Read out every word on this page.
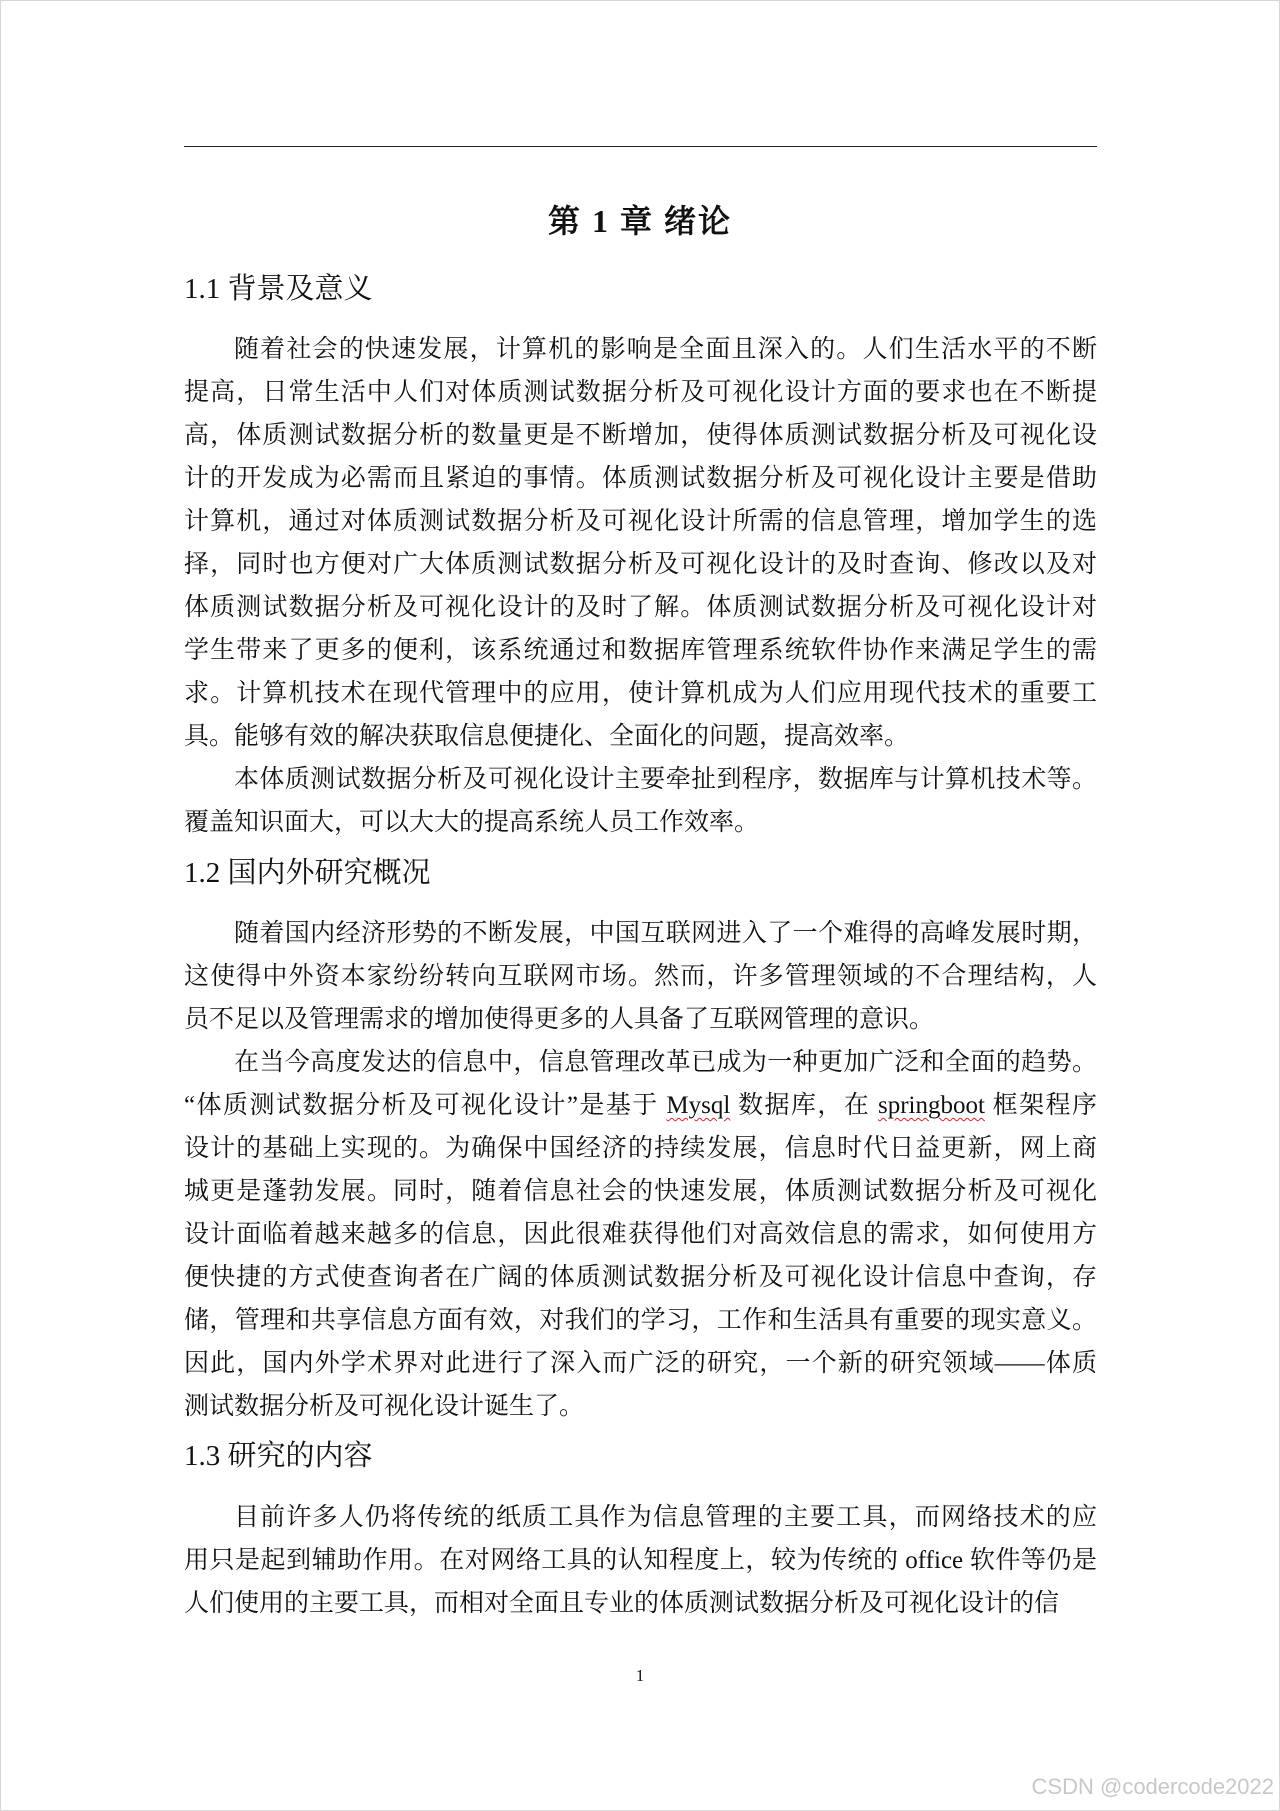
第 1 章 绪论
1.1 背景及意义
随着社会的快速发展，计算机的影响是全面且深入的。人们生活水平的不断
提高，日常生活中人们对体质测试数据分析及可视化设计方面的要求也在不断提
高，体质测试数据分析的数量更是不断增加，使得体质测试数据分析及可视化设
计的开发成为必需而且紧迫的事情。体质测试数据分析及可视化设计主要是借助
计算机，通过对体质测试数据分析及可视化设计所需的信息管理，增加学生的选
择，同时也方便对广大体质测试数据分析及可视化设计的及时查询、修改以及对
体质测试数据分析及可视化设计的及时了解。体质测试数据分析及可视化设计对
学生带来了更多的便利，该系统通过和数据库管理系统软件协作来满足学生的需
求。计算机技术在现代管理中的应用，使计算机成为人们应用现代技术的重要工
具。能够有效的解决获取信息便捷化、全面化的问题，提高效率。
本体质测试数据分析及可视化设计主要牵扯到程序，数据库与计算机技术等。
覆盖知识面大，可以大大的提高系统人员工作效率。
1.2 国内外研究概况
随着国内经济形势的不断发展，中国互联网进入了一个难得的高峰发展时期，
这使得中外资本家纷纷转向互联网市场。然而，许多管理领域的不合理结构，人
员不足以及管理需求的增加使得更多的人具备了互联网管理的意识。
在当今高度发达的信息中，信息管理改革已成为一种更加广泛和全面的趋势。
“体质测试数据分析及可视化设计”是基于 Mysql 数据库，在 springboot 框架程序
设计的基础上实现的。为确保中国经济的持续发展，信息时代日益更新，网上商
城更是蓬勃发展。同时，随着信息社会的快速发展，体质测试数据分析及可视化
设计面临着越来越多的信息，因此很难获得他们对高效信息的需求，如何使用方
便快捷的方式使查询者在广阔的体质测试数据分析及可视化设计信息中查询，存
储，管理和共享信息方面有效，对我们的学习，工作和生活具有重要的现实意义。
因此，国内外学术界对此进行了深入而广泛的研究，一个新的研究领域——体质
测试数据分析及可视化设计诞生了。
1.3 研究的内容
目前许多人仍将传统的纸质工具作为信息管理的主要工具，而网络技术的应
用只是起到辅助作用。在对网络工具的认知程度上，较为传统的 office 软件等仍是
人们使用的主要工具，而相对全面且专业的体质测试数据分析及可视化设计的信
1
CSDN @codercode2022
